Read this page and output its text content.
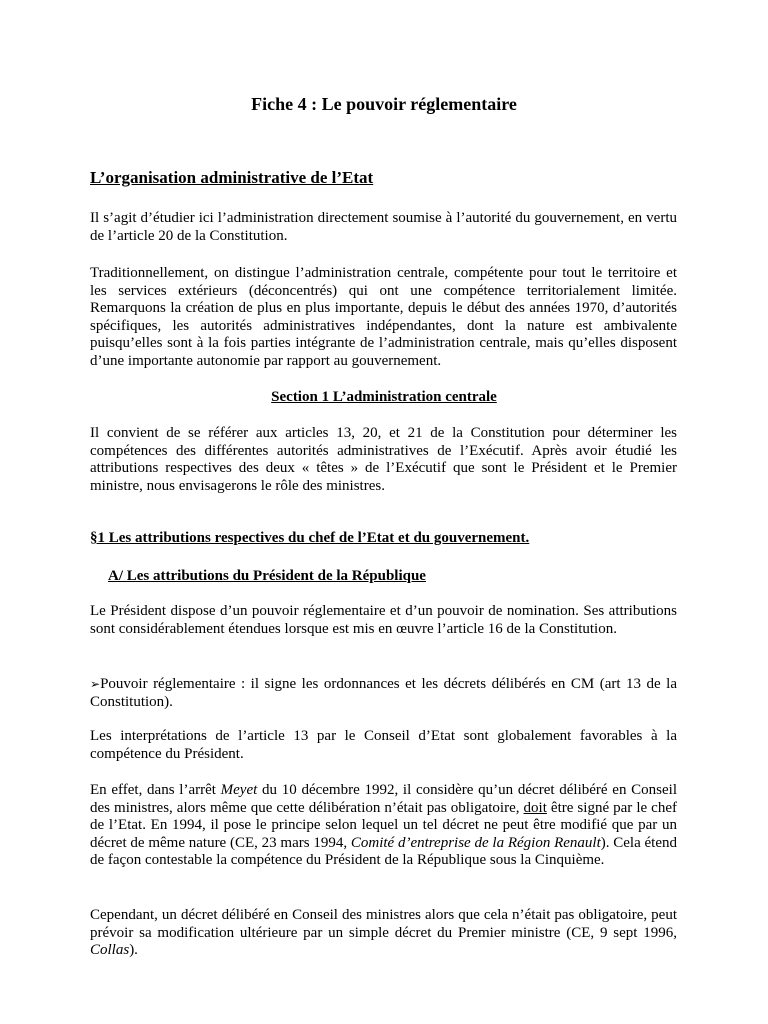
Fiche 4 : Le pouvoir réglementaire
L’organisation administrative de l’Etat

Il s’agit d’étudier ici l’administration directement soumise à l’autorité du gouvernement, en vertu de l’article 20 de la Constitution.

Traditionnellement, on distingue l’administration centrale, compétente pour tout le territoire et les services extérieurs (déconcentrés) qui ont une compétence territorialement limitée. Remarquons la création de plus en plus importante, depuis le début des années 1970, d’autorités spécifiques, les autorités administratives indépendantes, dont la nature est ambivalente puisqu’elles sont à la fois parties intégrante de l’administration centrale, mais qu’elles disposent d’une importante autonomie par rapport au gouvernement.

Section 1 L’administration centrale

Il convient de se référer aux articles 13, 20, et 21 de la Constitution pour déterminer les compétences des différentes autorités administratives de l’Exécutif. Après avoir étudié les attributions respectives des deux « têtes » de l’Exécutif que sont le Président et le Premier ministre, nous envisagerons le rôle des ministres.

§1 Les attributions respectives du chef de l’Etat et du gouvernement.
A/ Les attributions du Président de la République

Le Président dispose d’un pouvoir réglementaire et d’un pouvoir de nomination. Ses attributions sont considérablement étendues lorsque est mis en œuvre l’article 16 de la Constitution.

➢Pouvoir réglementaire : il signe les ordonnances et les décrets délibérés en CM (art 13 de la Constitution).

Les interprétations de l’article 13 par le Conseil d’Etat sont globalement favorables à la compétence du Président.

En effet, dans l’arrêt Meyet du 10 décembre 1992, il considère qu’un décret délibéré en Conseil des ministres, alors même que cette délibération n’était pas obligatoire, doit être signé par le chef de l’Etat. En 1994, il pose le principe selon lequel un tel décret ne peut être modifié que par un décret de même nature (CE, 23 mars 1994, Comité d’entreprise de la Région Renault). Cela étend de façon contestable la compétence du Président de la République sous la Cinquième.

Cependant, un décret délibéré en Conseil des ministres alors que cela n’était pas obligatoire, peut prévoir sa modification ultérieure par un simple décret du Premier ministre (CE, 9 sept 1996, Collas).
